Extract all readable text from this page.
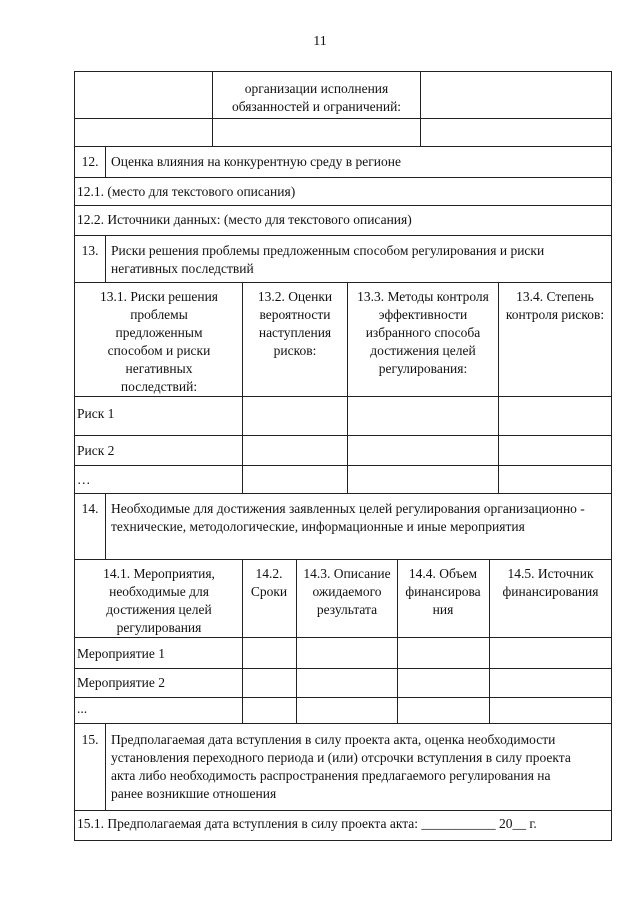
11
организации исполнения обязанностей и ограничений:
12. Оценка влияния на конкурентную среду в регионе
12.1. (место для текстового описания)
12.2. Источники данных: (место для текстового описания)
13. Риски решения проблемы предложенным способом регулирования и риски негативных последствий
13.1. Риски решения проблемы предложенным способом и риски негативных последствий:
13.2. Оценки вероятности наступления рисков:
13.3. Методы контроля эффективности избранного способа достижения целей регулирования:
13.4. Степень контроля рисков:
Риск 1
Риск 2
…
14. Необходимые для достижения заявленных целей регулирования организационно - технические, методологические, информационные и иные мероприятия
14.1. Мероприятия, необходимые для достижения целей регулирования
14.2. Сроки
14.3. Описание ожидаемого результата
14.4. Объем финансирова ния
14.5. Источник финансирования
Мероприятие 1
Мероприятие 2
...
15. Предполагаемая дата вступления в силу проекта акта, оценка необходимости установления переходного периода и (или) отсрочки вступления в силу проекта акта либо необходимость распространения предлагаемого регулирования на ранее возникшие отношения
15.1. Предполагаемая дата вступления в силу проекта акта: ___________ 20__ г.
